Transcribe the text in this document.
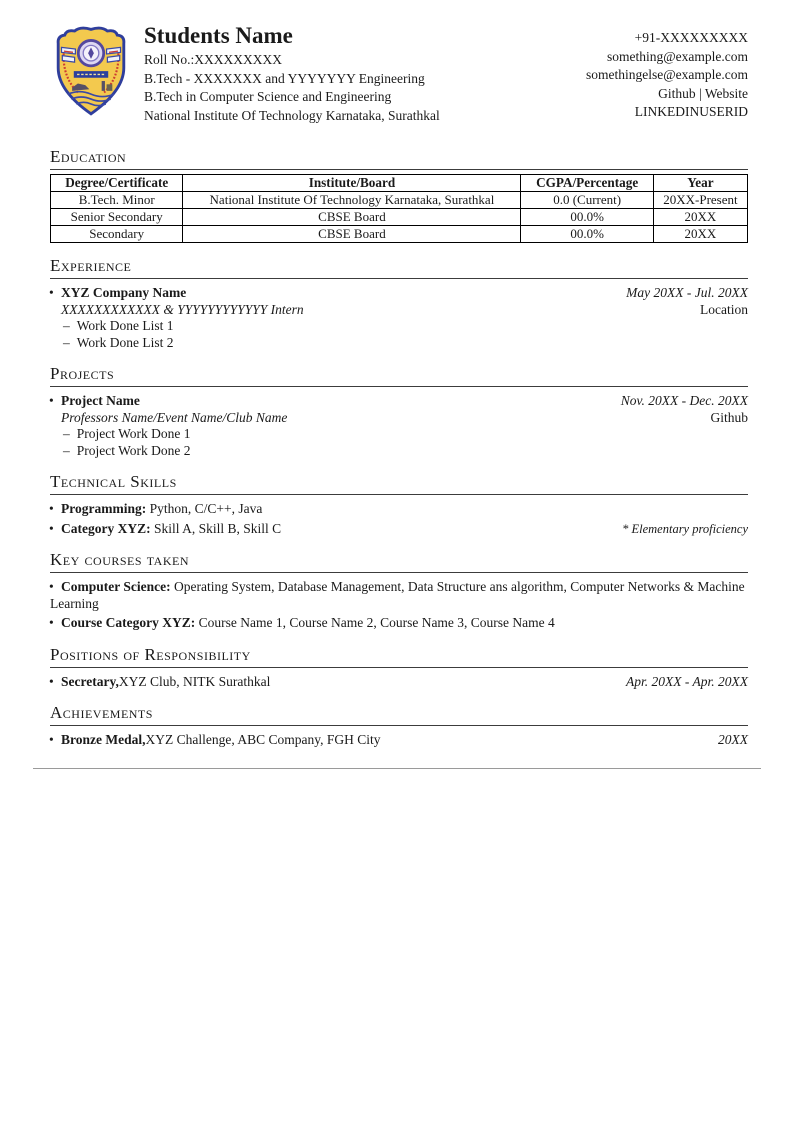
Students Name
Roll No.:XXXXXXXXX
B.Tech - XXXXXXX and YYYYYYY Engineering
B.Tech in Computer Science and Engineering
National Institute Of Technology Karnataka, Surathkal
+91-XXXXXXXXX
something@example.com
somethingelse@example.com
Github | Website
LINKEDINUSERID
Education
Degree/Certificate	Institute/Board	CGPA/Percentage	Year
B.Tech. Minor	National Institute Of Technology Karnataka, Surathkal	0.0 (Current)	20XX-Present
Senior Secondary	CBSE Board	00.0%	20XX
Secondary	CBSE Board	00.0%	20XX
Experience
• XYZ Company Name	May 20XX - Jul. 20XX
XXXXXXXXXXXX & YYYYYYYYYYYY Intern	Location
– Work Done List 1
– Work Done List 2
Projects
• Project Name	Nov. 20XX - Dec. 20XX
Professors Name/Event Name/Club Name	Github
– Project Work Done 1
– Project Work Done 2
Technical Skills
• Programming: Python, C/C++, Java
• Category XYZ: Skill A, Skill B, Skill C	* Elementary proficiency
Key courses taken
• Computer Science: Operating System, Database Management, Data Structure ans algorithm, Computer Networks & Machine Learning
• Course Category XYZ: Course Name 1, Course Name 2, Course Name 3, Course Name 4
Positions of Responsibility
• Secretary,XYZ Club, NITK Surathkal	Apr. 20XX - Apr. 20XX
Achievements
• Bronze Medal,XYZ Challenge, ABC Company, FGH City	20XX
